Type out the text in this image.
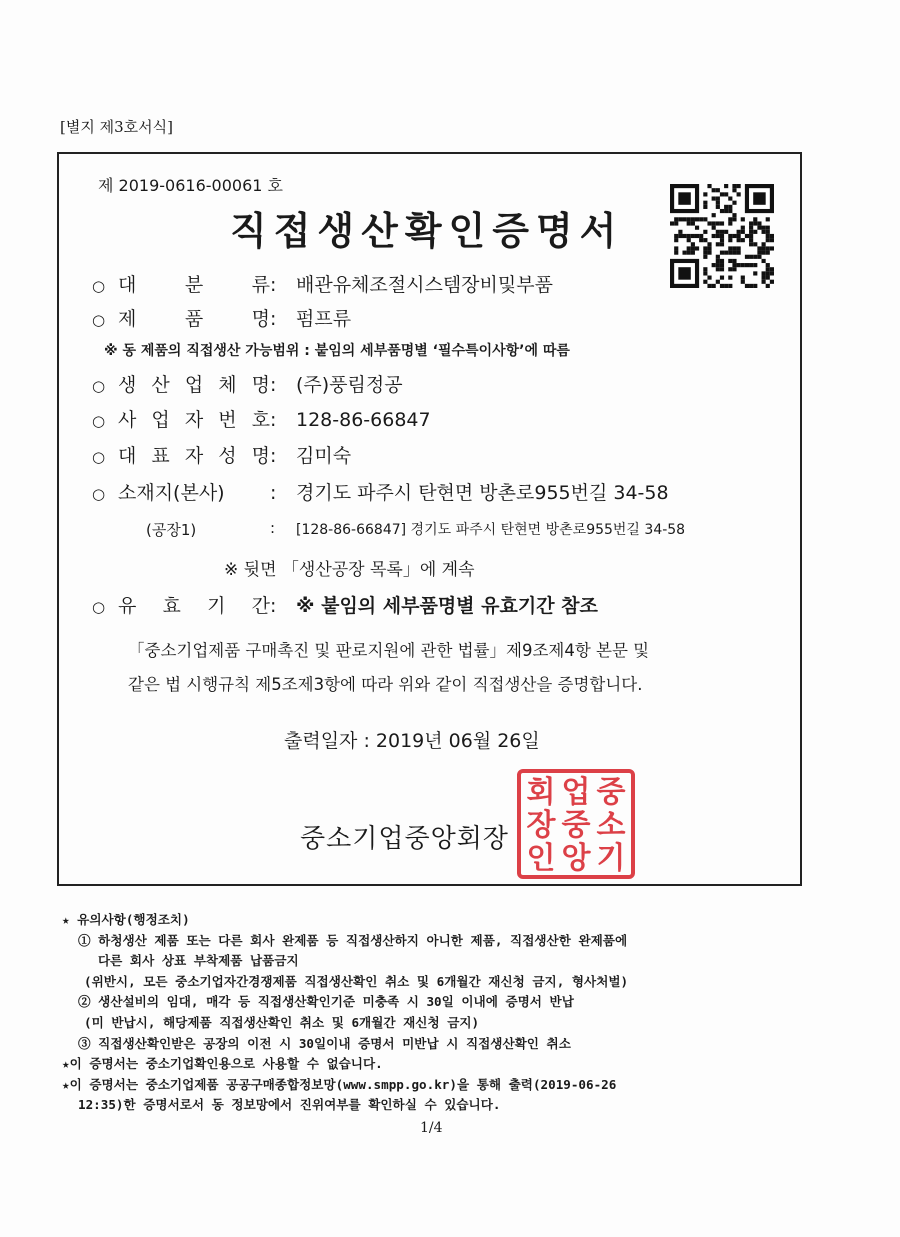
[별지 제3호서식]
제 2019-0616-00061 호
직접생산확인증명서
○ 대	분	류 :	배관유체조절시스템장비및부품
○ 제	품	명 :	펌프류
※ 동 제품의 직접생산 가능범위 : 붙임의 세부품명별 ‘필수특이사항’에 따름
○ 생 산 업 체 명 :	(주)풍림정공
○ 사 업 자 번 호 :	128-86-66847
○ 대 표 자 성 명 :	김미숙
○ 소재지(본사)	:	경기도 파주시 탄현면 방촌로955번길 34-58
(공장1)	: [128-86-66847] 경기도 파주시 탄현면 방촌로955번길 34-58
※ 뒷면 「생산공장 목록」에 계속
○ 유 효 기 간 :	※ 붙임의 세부품명별 유효기간 참조
「중소기업제품 구매촉진 및 판로지원에 관한 법률」제9조제4항 본문 및
같은 법 시행규칙 제5조제3항에 따라 위와 같이 직접생산을 증명합니다.
출력일자 : 2019년 06월 26일
중소기업중앙회장
중
소
기
업
중
앙
회
장
인
★ 유의사항(행정조치)
① 하청생산 제품 또는 다른 회사 완제품 등 직접생산하지 아니한 제품, 직접생산한 완제품에
다른 회사 상표 부착제품 납품금지
(위반시, 모든 중소기업자간경쟁제품 직접생산확인 취소 및 6개월간 재신청 금지, 형사처벌)
② 생산설비의 임대, 매각 등 직접생산확인기준 미충족 시 30일 이내에 증명서 반납
(미 반납시, 해당제품 직접생산확인 취소 및 6개월간 재신청 금지)
③ 직접생산확인받은 공장의 이전 시 30일이내 증명서 미반납 시 직접생산확인 취소
★이 증명서는 중소기업확인용으로 사용할 수 없습니다.
★이 증명서는 중소기업제품 공공구매종합정보망(www.smpp.go.kr)을 통해 출력(2019-06-26
12:35)한 증명서로서 동 정보망에서 진위여부를 확인하실 수 있습니다.
1/4
